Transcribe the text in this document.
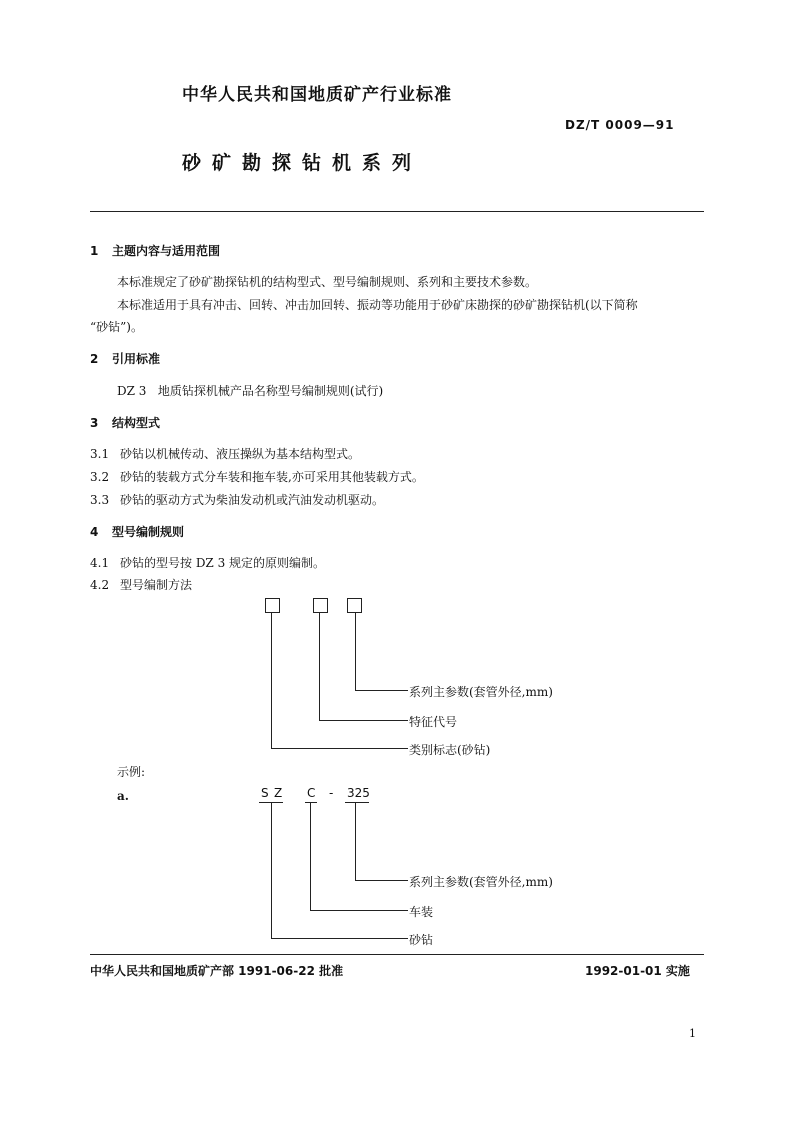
中华人民共和国地质矿产行业标准
DZ/T 0009—91
砂矿勘探钻机系列
1 主题内容与适用范围
本标准规定了砂矿勘探钻机的结构型式、型号编制规则、系列和主要技术参数。
本标准适用于具有冲击、回转、冲击加回转、振动等功能用于砂矿床勘探的砂矿勘探钻机(以下简称
“砂钻”)。
2 引用标准
DZ 3   地质钻探机械产品名称型号编制规则(试行)
3 结构型式
3.1 砂钻以机械传动、液压操纵为基本结构型式。
3.2 砂钻的装载方式分车装和拖车装,亦可采用其他装载方式。
3.3 砂钻的驱动方式为柴油发动机或汽油发动机驱动。
4 型号编制规则
4.1 砂钻的型号按 DZ 3 规定的原则编制。
4.2 型号编制方法
系列主参数(套管外径,mm)
特征代号
类别标志(砂钻)
示例:
a.	S Z C - 325
系列主参数(套管外径,mm)
车装
砂钻
中华人民共和国地质矿产部 1991-06-22 批准	1992-01-01 实施
1
